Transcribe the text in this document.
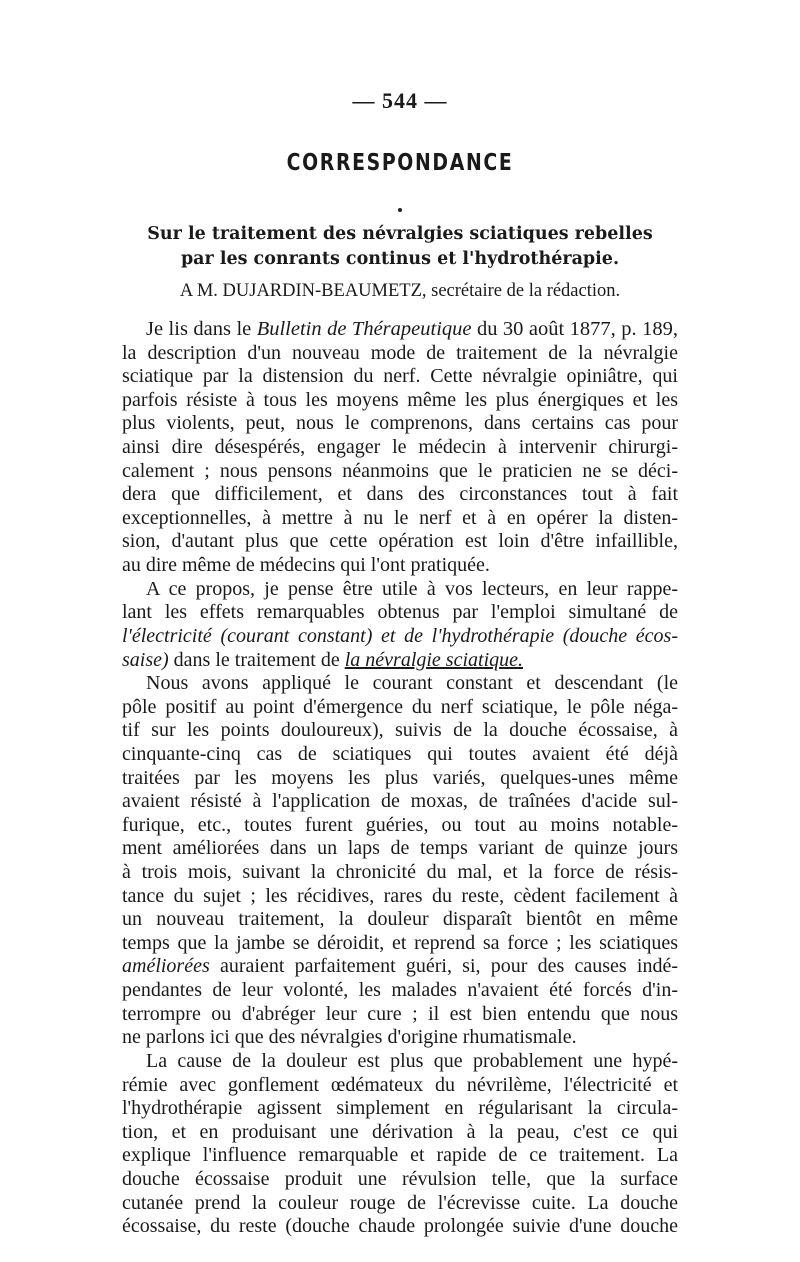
— 544 —
CORRESPONDANCE
Sur le traitement des névralgies sciatiques rebelles
par les conrants continus et l'hydrothérapie.
A M. DUJARDIN-BEAUMETZ, secrétaire de la rédaction.
Je lis dans le Bulletin de Thérapeutique du 30 août 1877, p. 189,
la description d'un nouveau mode de traitement de la névralgie
sciatique par la distension du nerf. Cette névralgie opiniâtre, qui
parfois résiste à tous les moyens même les plus énergiques et les
plus violents, peut, nous le comprenons, dans certains cas pour
ainsi dire désespérés, engager le médecin à intervenir chirurgi-
calement ; nous pensons néanmoins que le praticien ne se déci-
dera que difficilement, et dans des circonstances tout à fait
exceptionnelles, à mettre à nu le nerf et à en opérer la disten-
sion, d'autant plus que cette opération est loin d'être infaillible,
au dire même de médecins qui l'ont pratiquée.
A ce propos, je pense être utile à vos lecteurs, en leur rappe-
lant les effets remarquables obtenus par l'emploi simultané de
l'électricité (courant constant) et de l'hydrothérapie (douche écos-
saise) dans le traitement de la névralgie sciatique.
Nous avons appliqué le courant constant et descendant (le
pôle positif au point d'émergence du nerf sciatique, le pôle néga-
tif sur les points douloureux), suivis de la douche écossaise, à
cinquante-cinq cas de sciatiques qui toutes avaient été déjà
traitées par les moyens les plus variés, quelques-unes même
avaient résisté à l'application de moxas, de traînées d'acide sul-
furique, etc., toutes furent guéries, ou tout au moins notable-
ment améliorées dans un laps de temps variant de quinze jours
à trois mois, suivant la chronicité du mal, et la force de résis-
tance du sujet ; les récidives, rares du reste, cèdent facilement à
un nouveau traitement, la douleur disparaît bientôt en même
temps que la jambe se déroidit, et reprend sa force ; les sciatiques
améliorées auraient parfaitement guéri, si, pour des causes indé-
pendantes de leur volonté, les malades n'avaient été forcés d'in-
terrompre ou d'abréger leur cure ; il est bien entendu que nous
ne parlons ici que des névralgies d'origine rhumatismale.
La cause de la douleur est plus que probablement une hypé-
rémie avec gonflement œdémateux du névrilème, l'électricité et
l'hydrothérapie agissent simplement en régularisant la circula-
tion, et en produisant une dérivation à la peau, c'est ce qui
explique l'influence remarquable et rapide de ce traitement. La
douche écossaise produit une révulsion telle, que la surface
cutanée prend la couleur rouge de l'écrevisse cuite. La douche
écossaise, du reste (douche chaude prolongée suivie d'une douche
